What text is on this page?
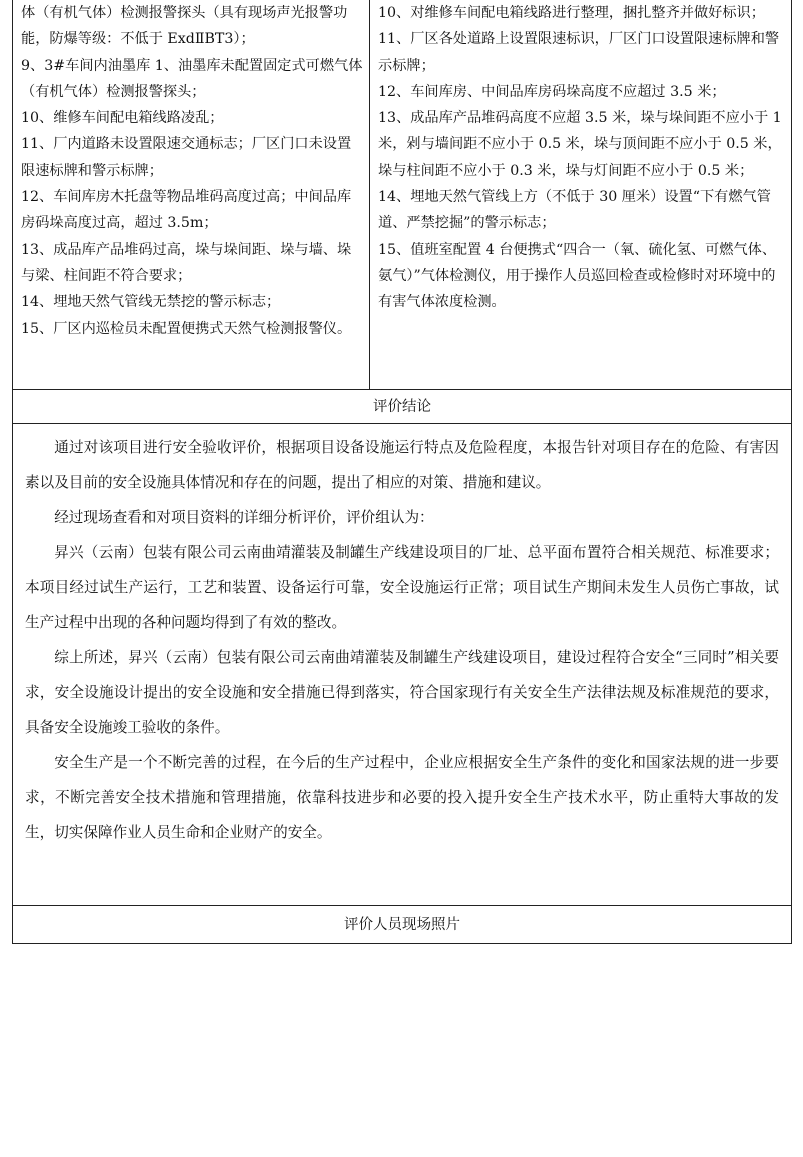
体（有机气体）检测报警探头（具有现场声光报警功能，防爆等级：不低于 ExdⅡBT3）；

9、3#车间内油墨库 1、油墨库未配置固定式可燃气体（有机气体）检测报警探头；

10、维修车间配电箱线路凌乱；

11、厂内道路未设置限速交通标志；厂区门口未设置限速标牌和警示标牌；

12、车间库房木托盘等物品堆码高度过高；中间品库房码垛高度过高，超过 3.5m；

13、成品库产品堆码过高，垛与垛间距、垛与墙、垛与梁、柱间距不符合要求；

14、埋地天然气管线无禁挖的警示标志；

15、厂区内巡检员未配置便携式天然气检测报警仪。

10、对维修车间配电箱线路进行整理，捆扎整齐并做好标识；

11、厂区各处道路上设置限速标识，厂区门口设置限速标牌和警示标牌；

12、车间库房、中间品库房码垛高度不应超过 3.5 米；

13、成品库产品堆码高度不应超 3.5 米，垛与垛间距不应小于 1 米，剁与墙间距不应小于 0.5 米，垛与顶间距不应小于 0.5 米，垛与柱间距不应小于 0.3 米，垛与灯间距不应小于 0.5 米；

14、埋地天然气管线上方（不低于 30 厘米）设置“下有燃气管道、严禁挖掘”的警示标志；

15、值班室配置 4 台便携式“四合一（氧、硫化氢、可燃气体、氨气）”气体检测仪，用于操作人员巡回检查或检修时对环境中的有害气体浓度检测。

评价结论

通过对该项目进行安全验收评价，根据项目设备设施运行特点及危险程度，本报告针对项目存在的危险、有害因素以及目前的安全设施具体情况和存在的问题，提出了相应的对策、措施和建议。

经过现场查看和对项目资料的详细分析评价，评价组认为：

昇兴（云南）包装有限公司云南曲靖灌装及制罐生产线建设项目的厂址、总平面布置符合相关规范、标准要求；本项目经过试生产运行，工艺和装置、设备运行可靠，安全设施运行正常；项目试生产期间未发生人员伤亡事故，试生产过程中出现的各种问题均得到了有效的整改。

综上所述，昇兴（云南）包装有限公司云南曲靖灌装及制罐生产线建设项目，建设过程符合安全“三同时”相关要求，安全设施设计提出的安全设施和安全措施已得到落实，符合国家现行有关安全生产法律法规及标准规范的要求，具备安全设施竣工验收的条件。

安全生产是一个不断完善的过程，在今后的生产过程中，企业应根据安全生产条件的变化和国家法规的进一步要求，不断完善安全技术措施和管理措施，依靠科技进步和必要的投入提升安全生产技术水平，防止重特大事故的发生，切实保障作业人员生命和企业财产的安全。

评价人员现场照片
